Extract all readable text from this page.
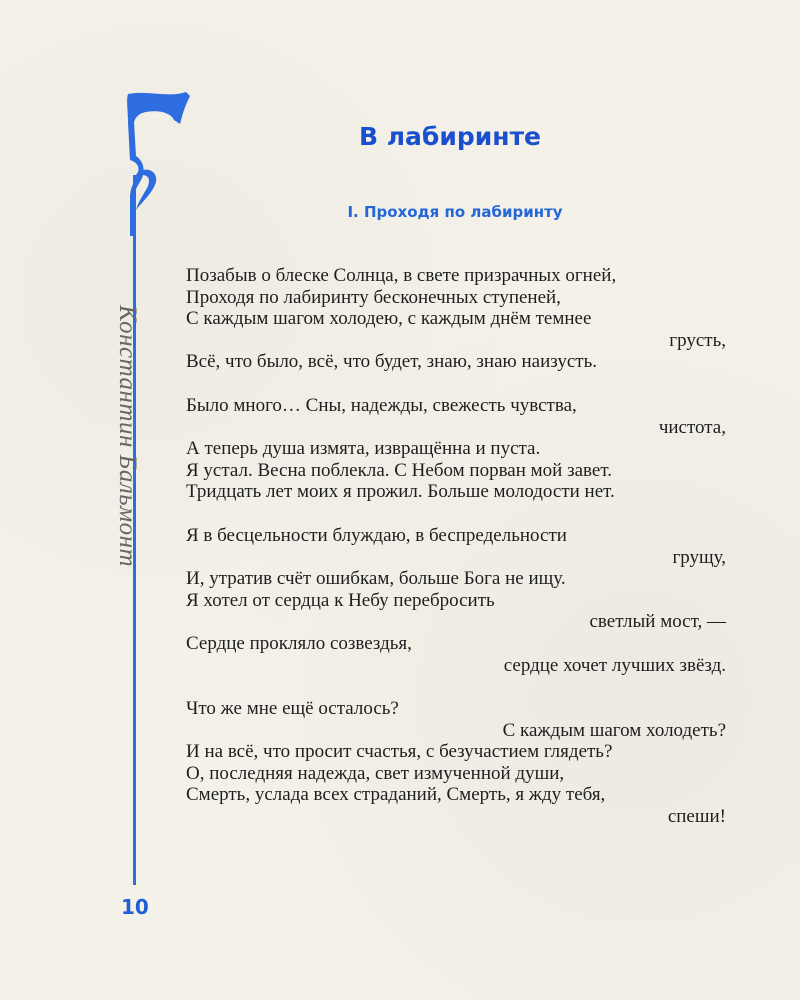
Константин Бальмонт
10
В лабиринте
I. Проходя по лабиринту
Позабыв о блеске Солнца, в свете призрачных огней,
Проходя по лабиринту бесконечных ступеней,
С каждым шагом холодею, с каждым днём темнее
грусть,
Всё, что было, всё, что будет, знаю, знаю наизусть.
Было много… Сны, надежды, свежесть чувства,
чистота,
А теперь душа измята, извращённа и пуста.
Я устал. Весна поблекла. С Небом порван мой завет.
Тридцать лет моих я прожил. Больше молодости нет.
Я в бесцельности блуждаю, в беспредельности
грущу,
И, утратив счёт ошибкам, больше Бога не ищу.
Я хотел от сердца к Небу перебросить
светлый мост, —
Сердце прокляло созвездья,
сердце хочет лучших звёзд.
Что же мне ещё осталось?
С каждым шагом холодеть?
И на всё, что просит счастья, с безучастием глядеть?
О, последняя надежда, свет измученной души,
Смерть, услада всех страданий, Смерть, я жду тебя,
спеши!
